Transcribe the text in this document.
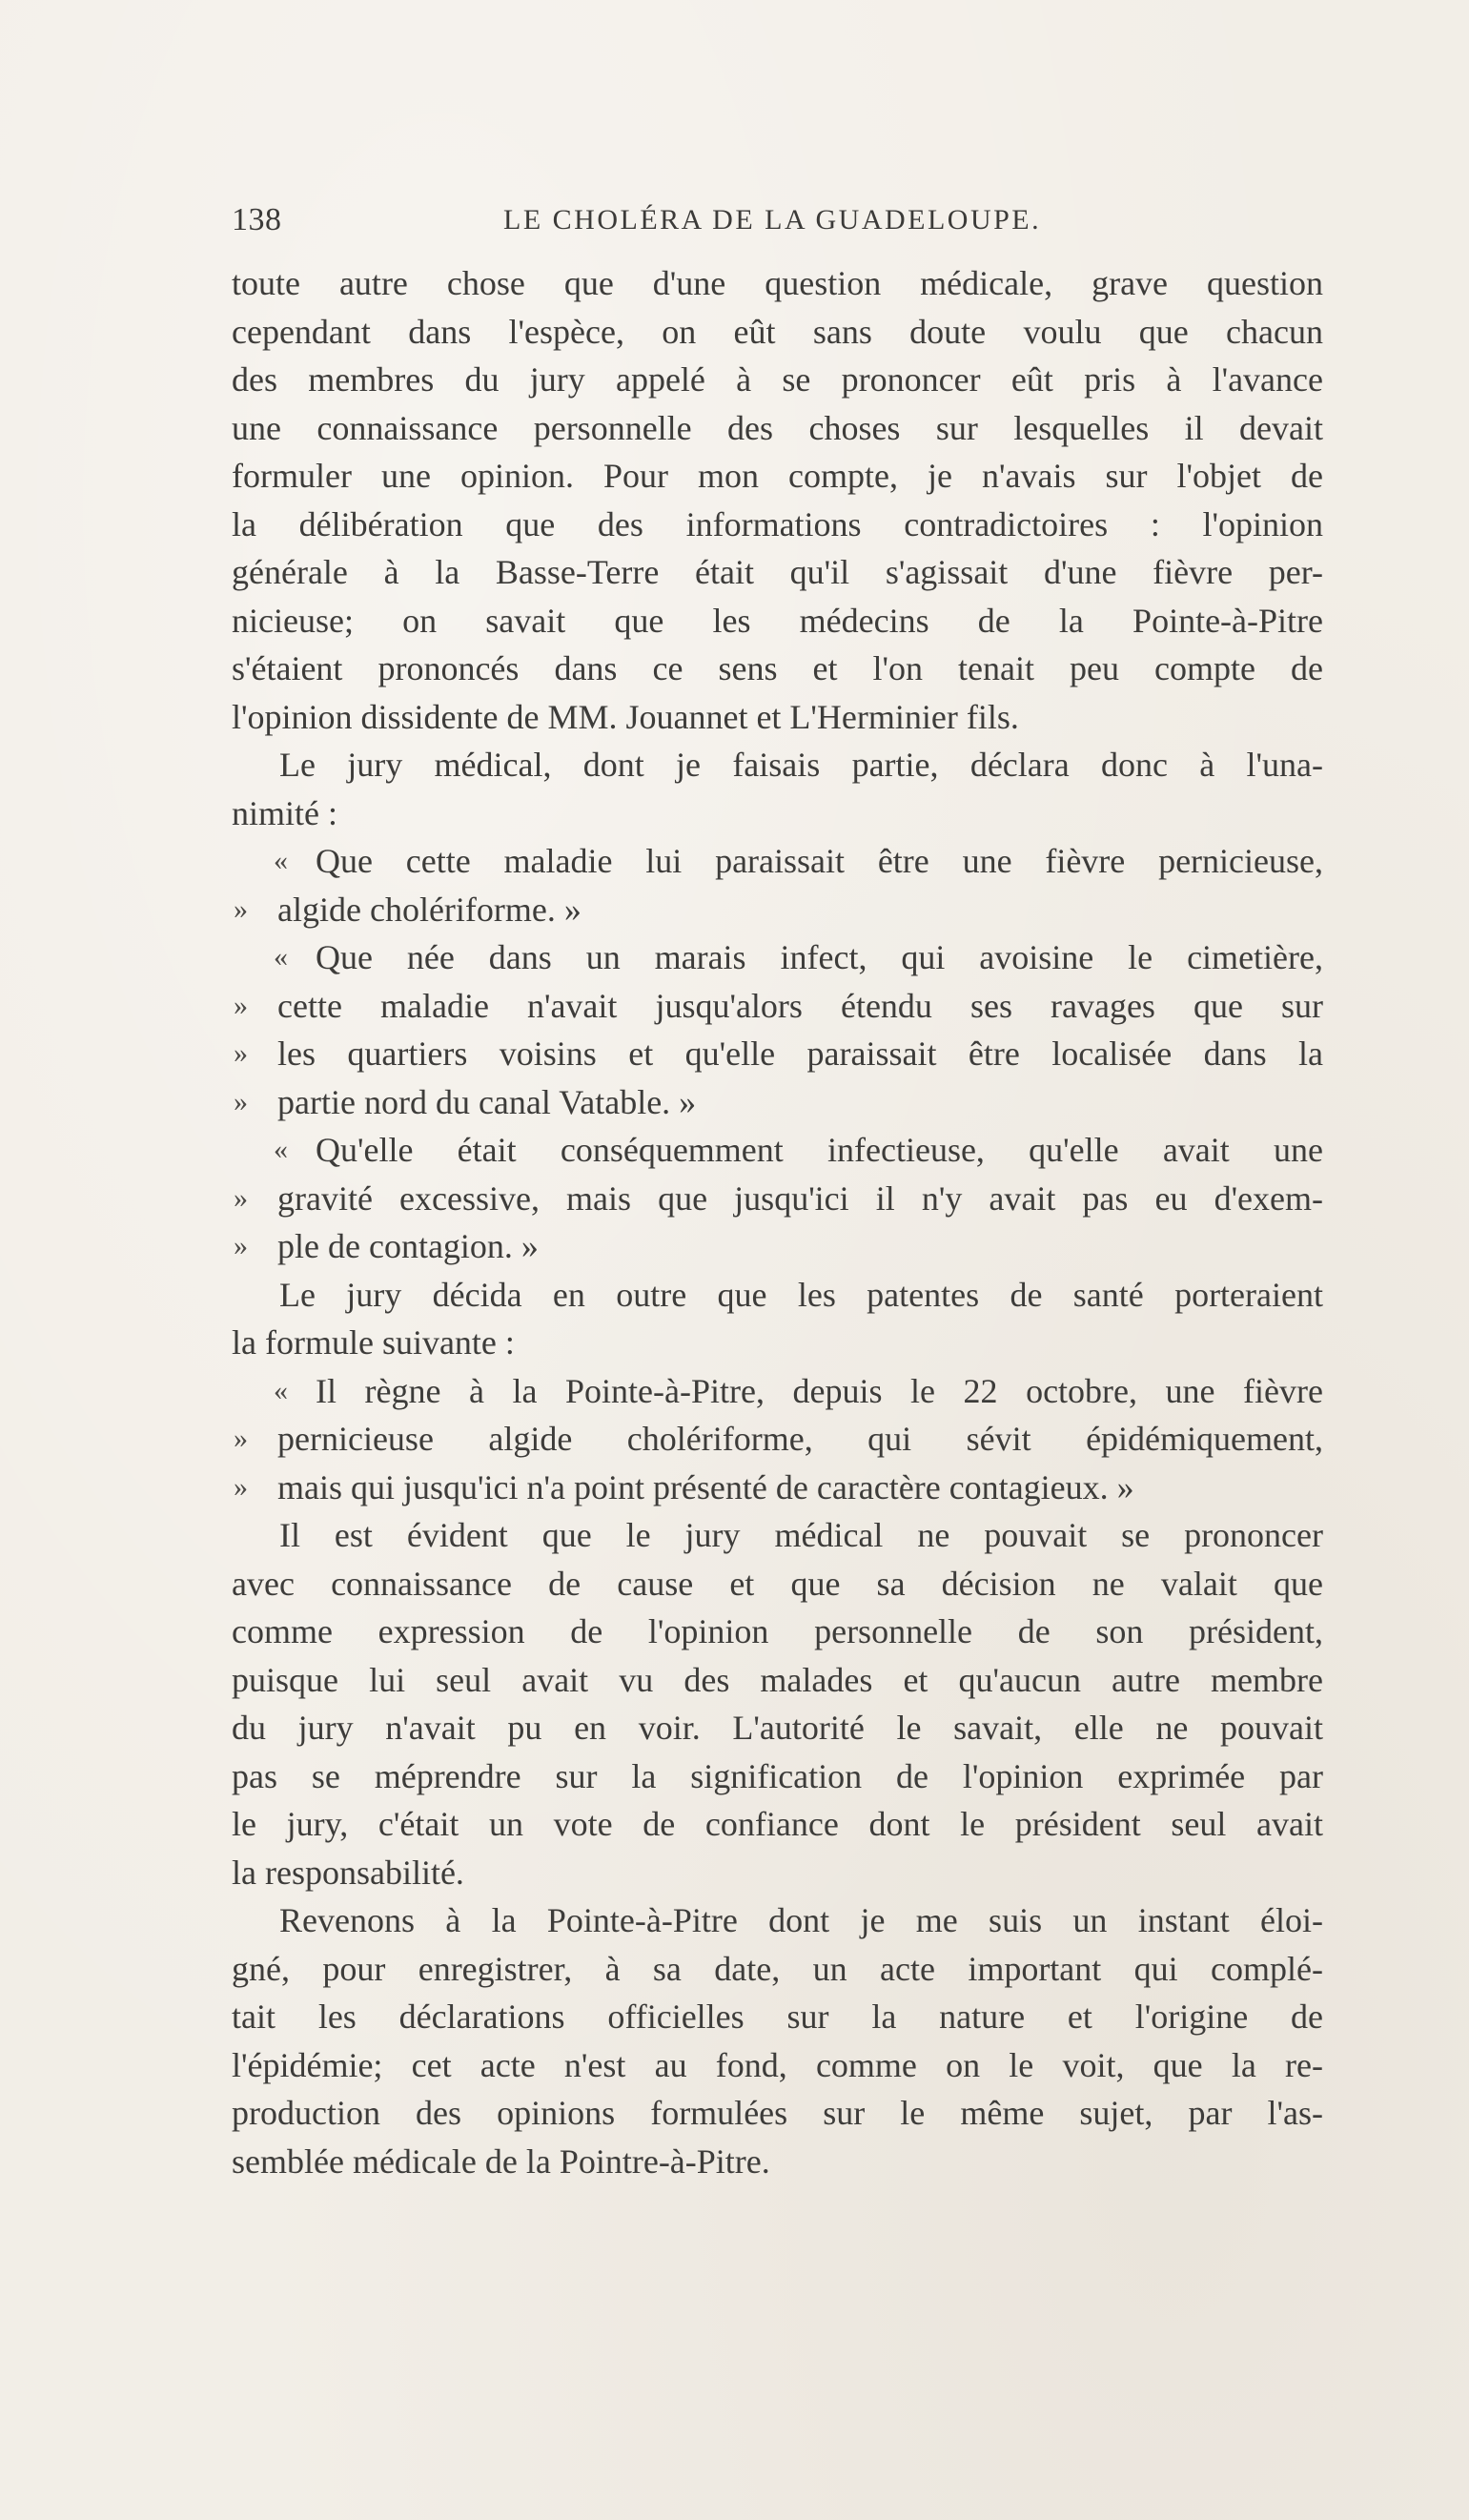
138	LE CHOLÉRA DE LA GUADELOUPE.
toute autre chose que d'une question médicale, grave question
cependant dans l'espèce, on eût sans doute voulu que chacun
des membres du jury appelé à se prononcer eût pris à l'avance
une connaissance personnelle des choses sur lesquelles il devait
formuler une opinion. Pour mon compte, je n'avais sur l'objet de
la délibération que des informations contradictoires : l'opinion
générale à la Basse-Terre était qu'il s'agissait d'une fièvre per-
nicieuse; on savait que les médecins de la Pointe-à-Pitre
s'étaient prononcés dans ce sens et l'on tenait peu compte de
l'opinion dissidente de MM. Jouannet et L'Herminier fils.
Le jury médical, dont je faisais partie, déclara donc à l'una-
nimité :
« Que cette maladie lui paraissait être une fièvre pernicieuse,
» algide cholériforme. »
« Que née dans un marais infect, qui avoisine le cimetière,
» cette maladie n'avait jusqu'alors étendu ses ravages que sur
» les quartiers voisins et qu'elle paraissait être localisée dans la
» partie nord du canal Vatable. »
« Qu'elle était conséquemment infectieuse, qu'elle avait une
» gravité excessive, mais que jusqu'ici il n'y avait pas eu d'exem-
» ple de contagion. »
Le jury décida en outre que les patentes de santé porteraient
la formule suivante :
« Il règne à la Pointe-à-Pitre, depuis le 22 octobre, une fièvre
» pernicieuse algide cholériforme, qui sévit épidémiquement,
» mais qui jusqu'ici n'a point présenté de caractère contagieux. »
Il est évident que le jury médical ne pouvait se prononcer
avec connaissance de cause et que sa décision ne valait que
comme expression de l'opinion personnelle de son président,
puisque lui seul avait vu des malades et qu'aucun autre membre
du jury n'avait pu en voir. L'autorité le savait, elle ne pouvait
pas se méprendre sur la signification de l'opinion exprimée par
le jury, c'était un vote de confiance dont le président seul avait
la responsabilité.
Revenons à la Pointe-à-Pitre dont je me suis un instant éloi-
gné, pour enregistrer, à sa date, un acte important qui complé-
tait les déclarations officielles sur la nature et l'origine de
l'épidémie; cet acte n'est au fond, comme on le voit, que la re-
production des opinions formulées sur le même sujet, par l'as-
semblée médicale de la Pointre-à-Pitre.
